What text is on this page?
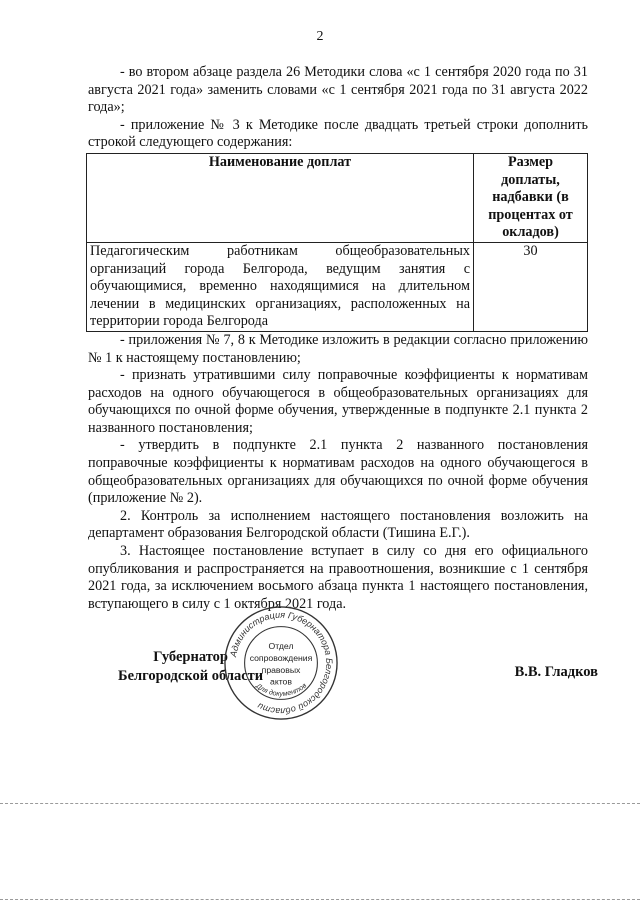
2

- во втором абзаце раздела 26 Методики слова «с 1 сентября 2020 года по 31 августа 2021 года» заменить словами «с 1 сентября 2021 года по 31 августа 2022 года»;

- приложение № 3 к Методике после двадцать третьей строки дополнить строкой следующего содержания:

Наименование доплат	Размер доплаты, надбавки (в процентах от окладов)
Педагогическим работникам общеобразовательных организаций города Белгорода, ведущим занятия с обучающимися, временно находящимися на длительном лечении в медицинских организациях, расположенных на территории города Белгорода	30

- приложения № 7, 8 к Методике изложить в редакции согласно приложению № 1 к настоящему постановлению;

- признать утратившими силу поправочные коэффициенты к нормативам расходов на одного обучающегося в общеобразовательных организациях для обучающихся по очной форме обучения, утвержденные в подпункте 2.1 пункта 2 названного постановления;

- утвердить в подпункте 2.1 пункта 2 названного постановления поправочные коэффициенты к нормативам расходов на одного обучающегося в общеобразовательных организациях для обучающихся по очной форме обучения (приложение № 2).

2. Контроль за исполнением настоящего постановления возложить на департамент образования Белгородской области (Тишина Е.Г.).

3. Настоящее постановление вступает в силу со дня его официального опубликования и распространяется на правоотношения, возникшие с 1 сентября 2021 года, за исключением восьмого абзаца пункта 1 настоящего постановления, вступающего в силу с 1 октября 2021 года.

Губернатор
Белгородской области	В.В. Гладков
Администрация Губернатора Белгородской области
Для документов
Отдел
сопровождения
правовых
актов
